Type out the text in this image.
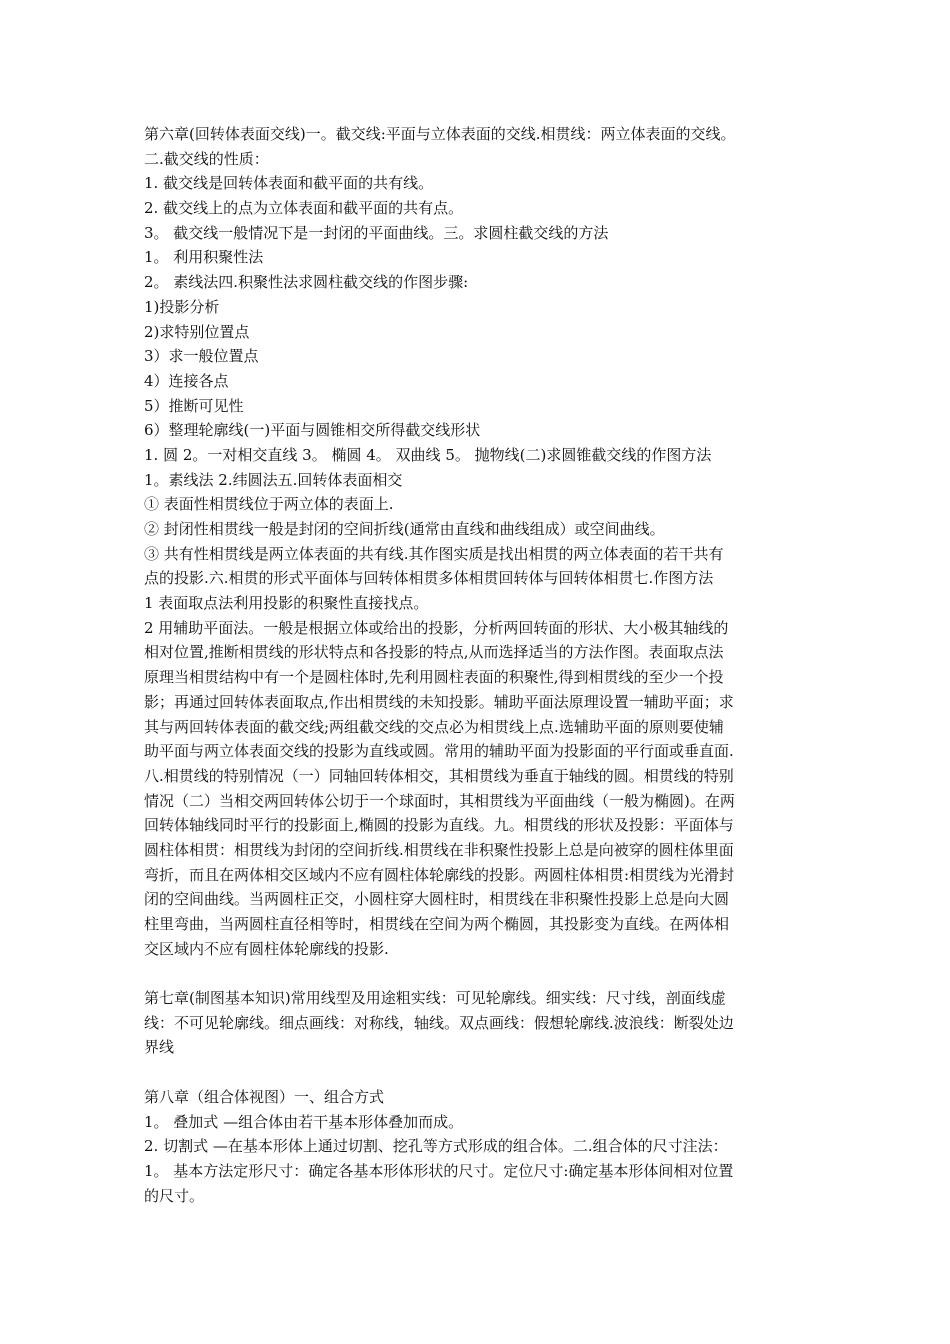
第六章(回转体表面交线)一。截交线:平面与立体表面的交线.相贯线：两立体表面的交线。
二.截交线的性质：
1. 截交线是回转体表面和截平面的共有线。
2. 截交线上的点为立体表面和截平面的共有点。
3。 截交线一般情况下是一封闭的平面曲线。三。求圆柱截交线的方法
1。 利用积聚性法
2。 素线法四.积聚性法求圆柱截交线的作图步骤:
1)投影分析
2)求特别位置点
3）求一般位置点
4）连接各点
5）推断可见性
6）整理轮廓线(一)平面与圆锥相交所得截交线形状
1. 圆 2。一对相交直线 3。 椭圆 4。 双曲线 5。 抛物线(二)求圆锥截交线的作图方法
1。素线法 2.纬圆法五.回转体表面相交
① 表面性相贯线位于两立体的表面上.
② 封闭性相贯线一般是封闭的空间折线(通常由直线和曲线组成）或空间曲线。
③ 共有性相贯线是两立体表面的共有线.其作图实质是找出相贯的两立体表面的若干共有
点的投影.六.相贯的形式平面体与回转体相贯多体相贯回转体与回转体相贯七.作图方法
1 表面取点法利用投影的积聚性直接找点。
2 用辅助平面法。一般是根据立体或给出的投影，分析两回转面的形状、大小极其轴线的
相对位置,推断相贯线的形状特点和各投影的特点,从而选择适当的方法作图。表面取点法
原理当相贯结构中有一个是圆柱体时,先利用圆柱表面的积聚性,得到相贯线的至少一个投
影；再通过回转体表面取点,作出相贯线的未知投影。辅助平面法原理设置一辅助平面；求
其与两回转体表面的截交线;两组截交线的交点必为相贯线上点.选辅助平面的原则要使辅
助平面与两立体表面交线的投影为直线或圆。常用的辅助平面为投影面的平行面或垂直面.
八.相贯线的特别情况（一）同轴回转体相交，其相贯线为垂直于轴线的圆。相贯线的特别
情况（二）当相交两回转体公切于一个球面时，其相贯线为平面曲线（一般为椭圆)。在两
回转体轴线同时平行的投影面上,椭圆的投影为直线。九。相贯线的形状及投影：平面体与
圆柱体相贯：相贯线为封闭的空间折线.相贯线在非积聚性投影上总是向被穿的圆柱体里面
弯折，而且在两体相交区域内不应有圆柱体轮廓线的投影。两圆柱体相贯:相贯线为光滑封
闭的空间曲线。当两圆柱正交，小圆柱穿大圆柱时，相贯线在非积聚性投影上总是向大圆
柱里弯曲，当两圆柱直径相等时，相贯线在空间为两个椭圆，其投影变为直线。在两体相
交区域内不应有圆柱体轮廓线的投影.
第七章(制图基本知识)常用线型及用途粗实线：可见轮廓线。细实线：尺寸线，剖面线虚
线：不可见轮廓线。细点画线：对称线，轴线。双点画线：假想轮廓线.波浪线：断裂处边
界线
第八章（组合体视图）一、组合方式
1。 叠加式 —组合体由若干基本形体叠加而成。
2. 切割式 —在基本形体上通过切割、挖孔等方式形成的组合体。二.组合体的尺寸注法：
1。 基本方法定形尺寸：确定各基本形体形状的尺寸。定位尺寸:确定基本形体间相对位置
的尺寸。
